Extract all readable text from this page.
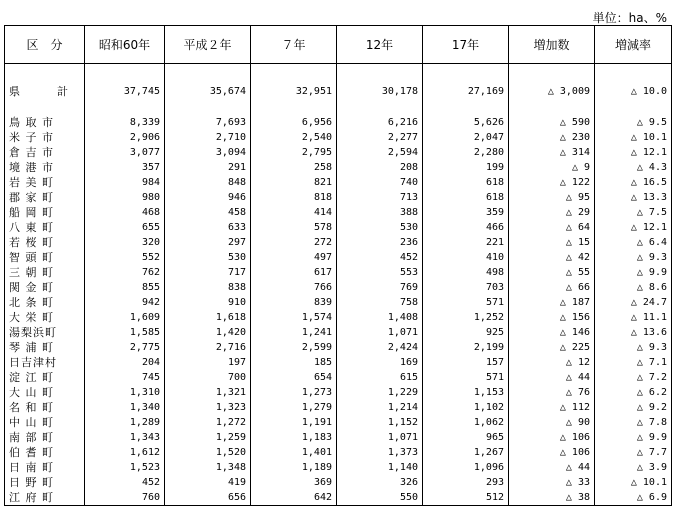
単位：ha、%
区　分	昭和60年	平成２年	７年	12年	17年	増加数	増減率

県　　　計	37,745	35,674	32,951	30,178	27,169	△ 3,009	△ 10.0

鳥 取 市	8,339	7,693	6,956	6,216	5,626	△ 590	△ 9.5
米 子 市	2,906	2,710	2,540	2,277	2,047	△ 230	△ 10.1
倉 吉 市	3,077	3,094	2,795	2,594	2,280	△ 314	△ 12.1
境 港 市	357	291	258	208	199	△ 9	△ 4.3
岩 美 町	984	848	821	740	618	△ 122	△ 16.5
郡 家 町	980	946	818	713	618	△ 95	△ 13.3
船 岡 町	468	458	414	388	359	△ 29	△ 7.5
八 東 町	655	633	578	530	466	△ 64	△ 12.1
若 桜 町	320	297	272	236	221	△ 15	△ 6.4
智 頭 町	552	530	497	452	410	△ 42	△ 9.3
三 朝 町	762	717	617	553	498	△ 55	△ 9.9
関 金 町	855	838	766	769	703	△ 66	△ 8.6
北 条 町	942	910	839	758	571	△ 187	△ 24.7
大 栄 町	1,609	1,618	1,574	1,408	1,252	△ 156	△ 11.1
湯梨浜町	1,585	1,420	1,241	1,071	925	△ 146	△ 13.6
琴 浦 町	2,775	2,716	2,599	2,424	2,199	△ 225	△ 9.3
日吉津村	204	197	185	169	157	△ 12	△ 7.1
淀 江 町	745	700	654	615	571	△ 44	△ 7.2
大 山 町	1,310	1,321	1,273	1,229	1,153	△ 76	△ 6.2
名 和 町	1,340	1,323	1,279	1,214	1,102	△ 112	△ 9.2
中 山 町	1,289	1,272	1,191	1,152	1,062	△ 90	△ 7.8
南 部 町	1,343	1,259	1,183	1,071	965	△ 106	△ 9.9
伯 耆 町	1,612	1,520	1,401	1,373	1,267	△ 106	△ 7.7
日 南 町	1,523	1,348	1,189	1,140	1,096	△ 44	△ 3.9
日 野 町	452	419	369	326	293	△ 33	△ 10.1
江 府 町	760	656	642	550	512	△ 38	△ 6.9
